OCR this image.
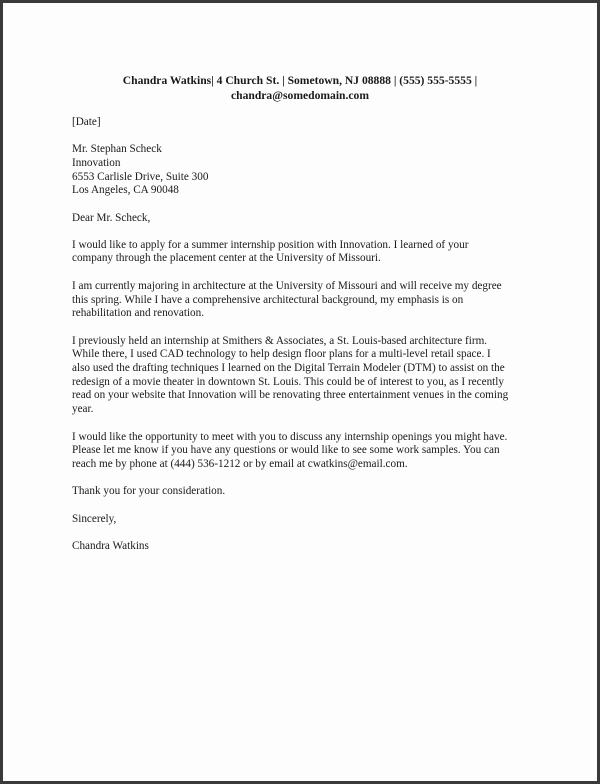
Chandra Watkins| 4 Church St. | Sometown, NJ 08888 | (555) 555-5555 |
chandra@somedomain.com

[Date]

Mr. Stephan Scheck
Innovation
6553 Carlisle Drive, Suite 300
Los Angeles, CA 90048

Dear Mr. Scheck,

I would like to apply for a summer internship position with Innovation. I learned of your
company through the placement center at the University of Missouri.

I am currently majoring in architecture at the University of Missouri and will receive my degree
this spring. While I have a comprehensive architectural background, my emphasis is on
rehabilitation and renovation.

I previously held an internship at Smithers & Associates, a St. Louis-based architecture firm.
While there, I used CAD technology to help design floor plans for a multi-level retail space. I
also used the drafting techniques I learned on the Digital Terrain Modeler (DTM) to assist on the
redesign of a movie theater in downtown St. Louis. This could be of interest to you, as I recently
read on your website that Innovation will be renovating three entertainment venues in the coming
year.

I would like the opportunity to meet with you to discuss any internship openings you might have.
Please let me know if you have any questions or would like to see some work samples. You can
reach me by phone at (444) 536-1212 or by email at cwatkins@email.com.

Thank you for your consideration.

Sincerely,

Chandra Watkins
